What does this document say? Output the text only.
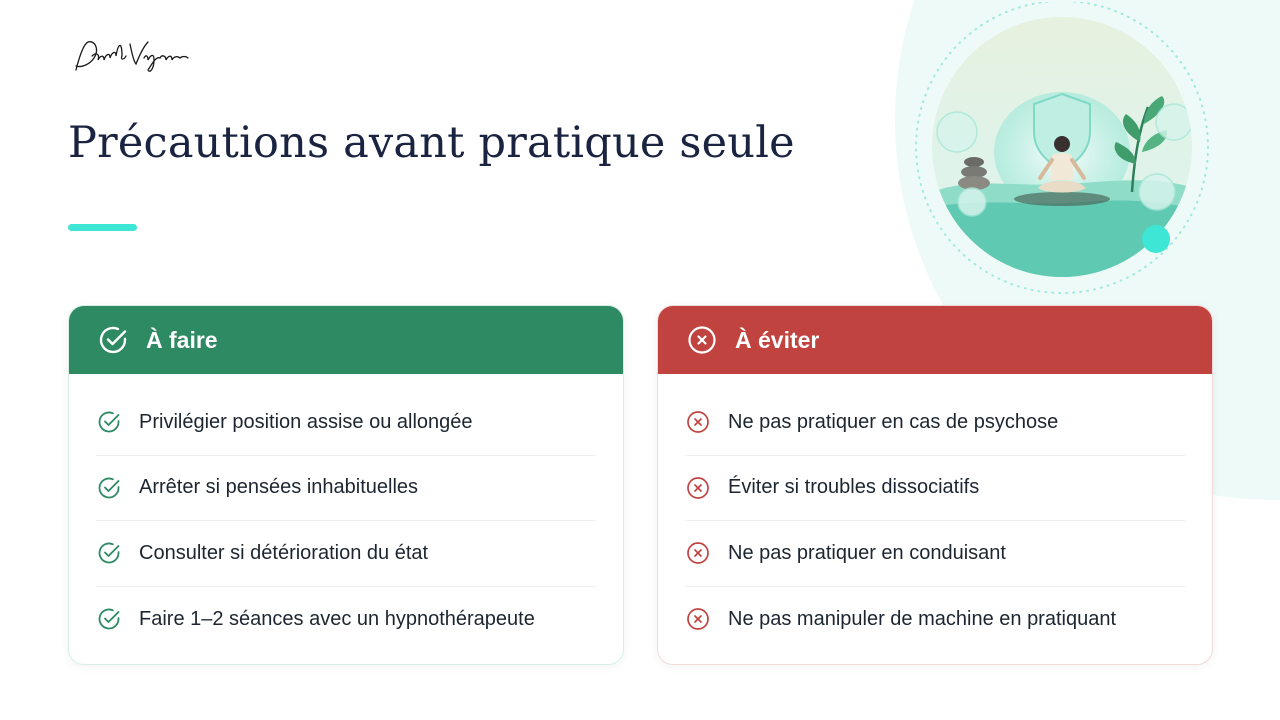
Précautions avant pratique seule
À faire
Privilégier position assise ou allongée
Arrêter si pensées inhabituelles
Consulter si détérioration du état
Faire 1–2 séances avec un hypnothérapeute
À éviter
Ne pas pratiquer en cas de psychose
Éviter si troubles dissociatifs
Ne pas pratiquer en conduisant
Ne pas manipuler de machine en pratiquant
